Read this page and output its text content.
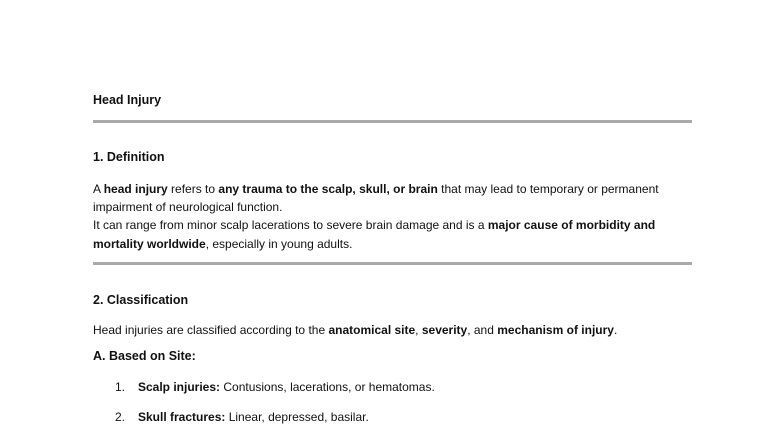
Head Injury
1. Definition
A head injury refers to any trauma to the scalp, skull, or brain that may lead to temporary or permanent impairment of neurological function.
It can range from minor scalp lacerations to severe brain damage and is a major cause of morbidity and mortality worldwide, especially in young adults.
2. Classification
Head injuries are classified according to the anatomical site, severity, and mechanism of injury.
A. Based on Site:
1. Scalp injuries: Contusions, lacerations, or hematomas.
2. Skull fractures: Linear, depressed, basilar.
